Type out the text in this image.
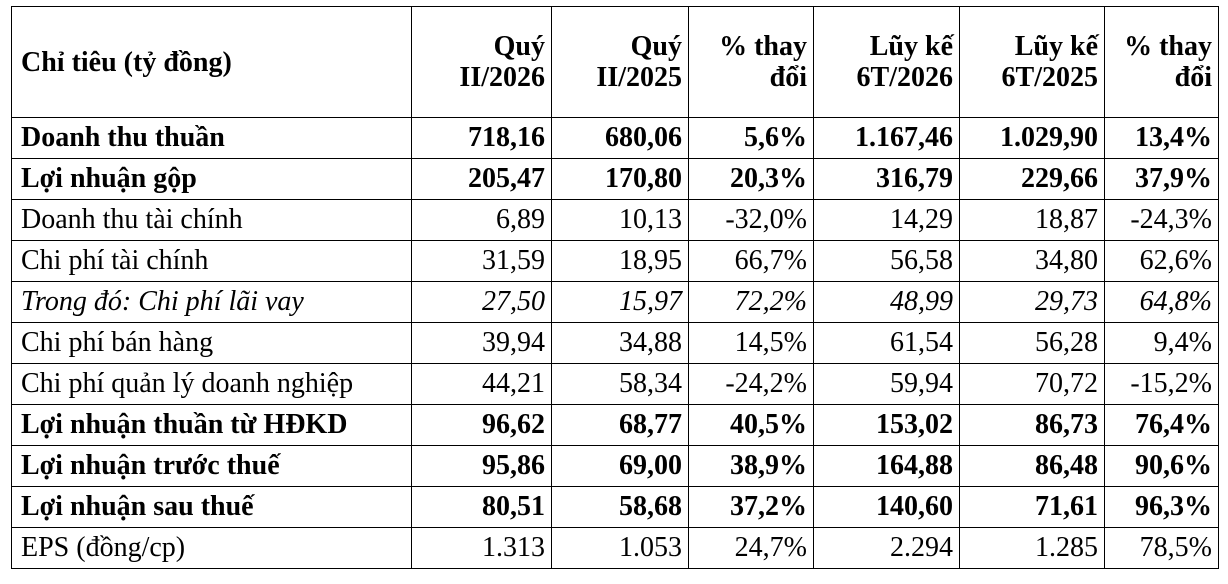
Chỉ tiêu (tỷ đồng)	Quý II/2026	Quý II/2025	% thay đổi	Lũy kế 6T/2026	Lũy kế 6T/2025	% thay đổi
Doanh thu thuần	718,16	680,06	5,6%	1.167,46	1.029,90	13,4%
Lợi nhuận gộp	205,47	170,80	20,3%	316,79	229,66	37,9%
Doanh thu tài chính	6,89	10,13	-32,0%	14,29	18,87	-24,3%
Chi phí tài chính	31,59	18,95	66,7%	56,58	34,80	62,6%
Trong đó: Chi phí lãi vay	27,50	15,97	72,2%	48,99	29,73	64,8%
Chi phí bán hàng	39,94	34,88	14,5%	61,54	56,28	9,4%
Chi phí quản lý doanh nghiệp	44,21	58,34	-24,2%	59,94	70,72	-15,2%
Lợi nhuận thuần từ HĐKD	96,62	68,77	40,5%	153,02	86,73	76,4%
Lợi nhuận trước thuế	95,86	69,00	38,9%	164,88	86,48	90,6%
Lợi nhuận sau thuế	80,51	58,68	37,2%	140,60	71,61	96,3%
EPS (đồng/cp)	1.313	1.053	24,7%	2.294	1.285	78,5%
